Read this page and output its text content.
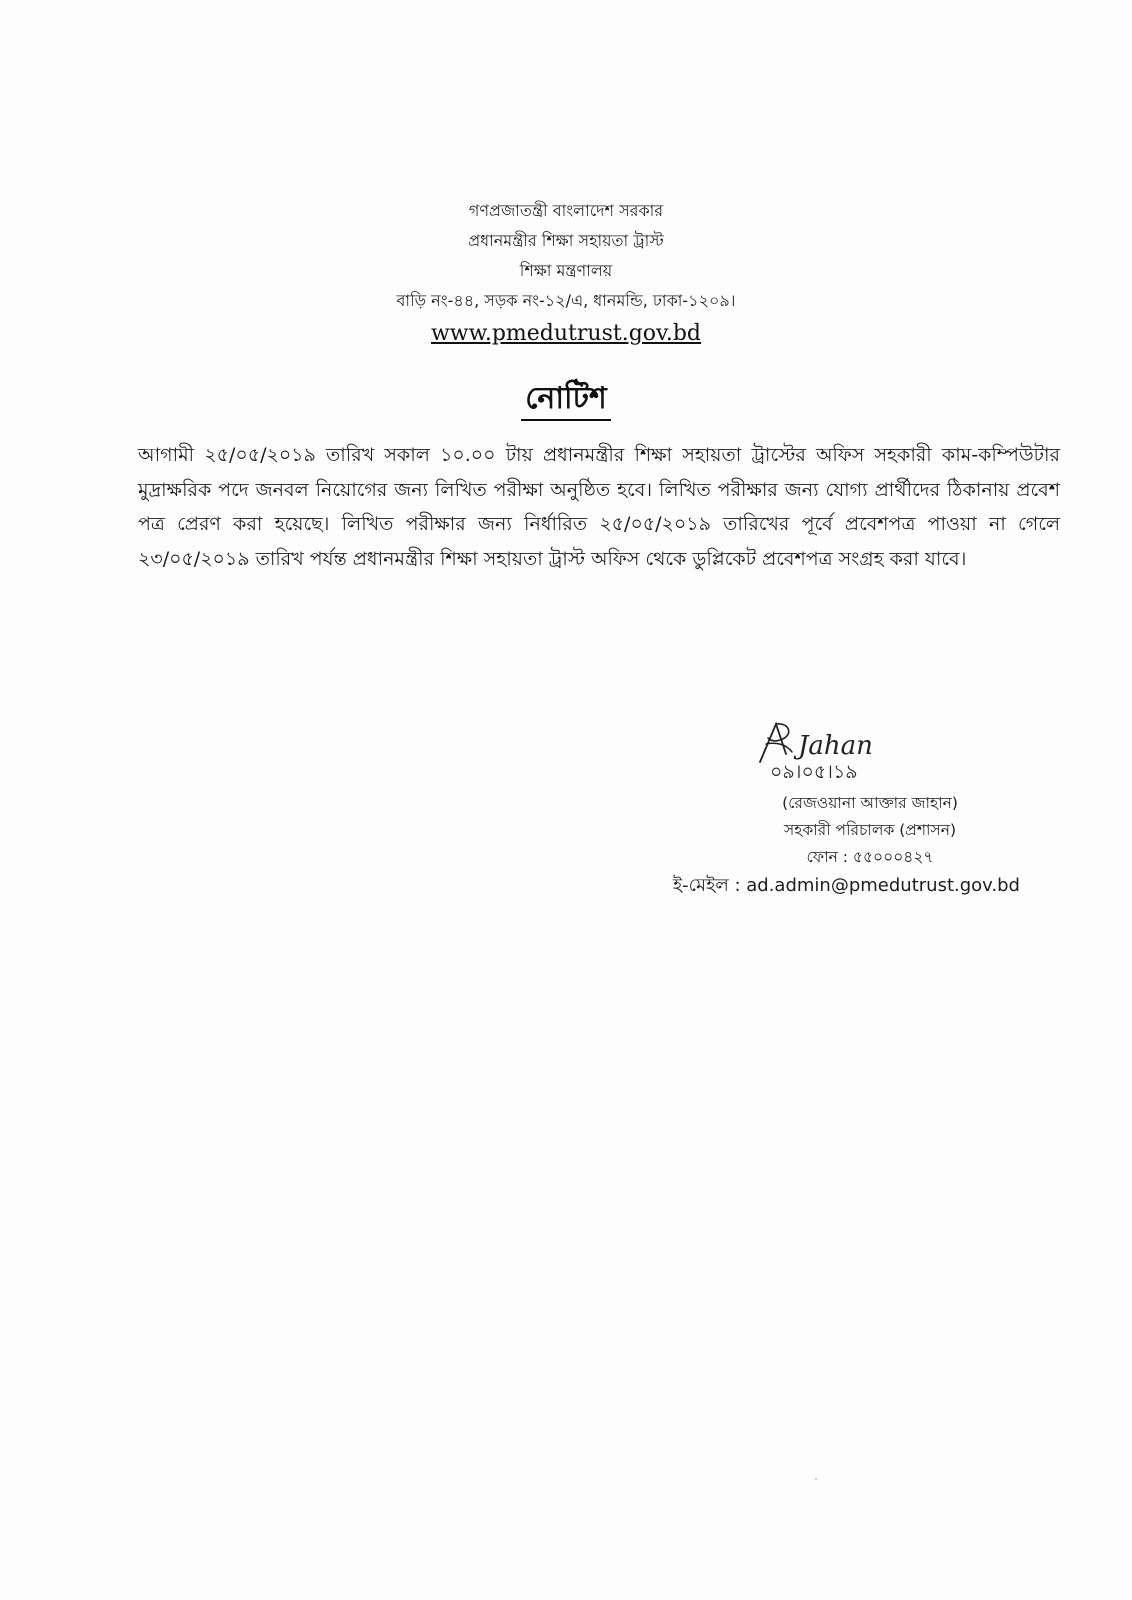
গণপ্রজাতন্ত্রী বাংলাদেশ সরকার
প্রধানমন্ত্রীর শিক্ষা সহায়তা ট্রাস্ট
শিক্ষা মন্ত্রণালয়
বাড়ি নং-৪৪, সড়ক নং-১২/এ, ধানমন্ডি, ঢাকা-১২০৯।
www.pmedutrust.gov.bd
নোটিশ
আগামী ২৫/০৫/২০১৯ তারিখ সকাল ১০.০০ টায় প্রধানমন্ত্রীর শিক্ষা সহায়তা ট্রাস্টের অফিস সহকারী কাম-কম্পিউটার মুদ্রাক্ষরিক পদে জনবল নিয়োগের জন্য লিখিত পরীক্ষা অনুষ্ঠিত হবে। লিখিত পরীক্ষার জন্য যোগ্য প্রার্থীদের ঠিকানায় প্রবেশ পত্র প্রেরণ করা হয়েছে। লিখিত পরীক্ষার জন্য নির্ধারিত ২৫/০৫/২০১৯ তারিখের পূর্বে প্রবেশপত্র পাওয়া না গেলে ২৩/০৫/২০১৯ তারিখ পর্যন্ত প্রধানমন্ত্রীর শিক্ষা সহায়তা ট্রাস্ট অফিস থেকে ডুপ্লিকেট প্রবেশপত্র সংগ্রহ করা যাবে।
Jahan
০৯।০৫।১৯
(রেজওয়ানা আক্তার জাহান)
সহকারী পরিচালক (প্রশাসন)
ফোন : ৫৫০০০৪২৭
ই-মেইল : ad.admin@pmedutrust.gov.bd
